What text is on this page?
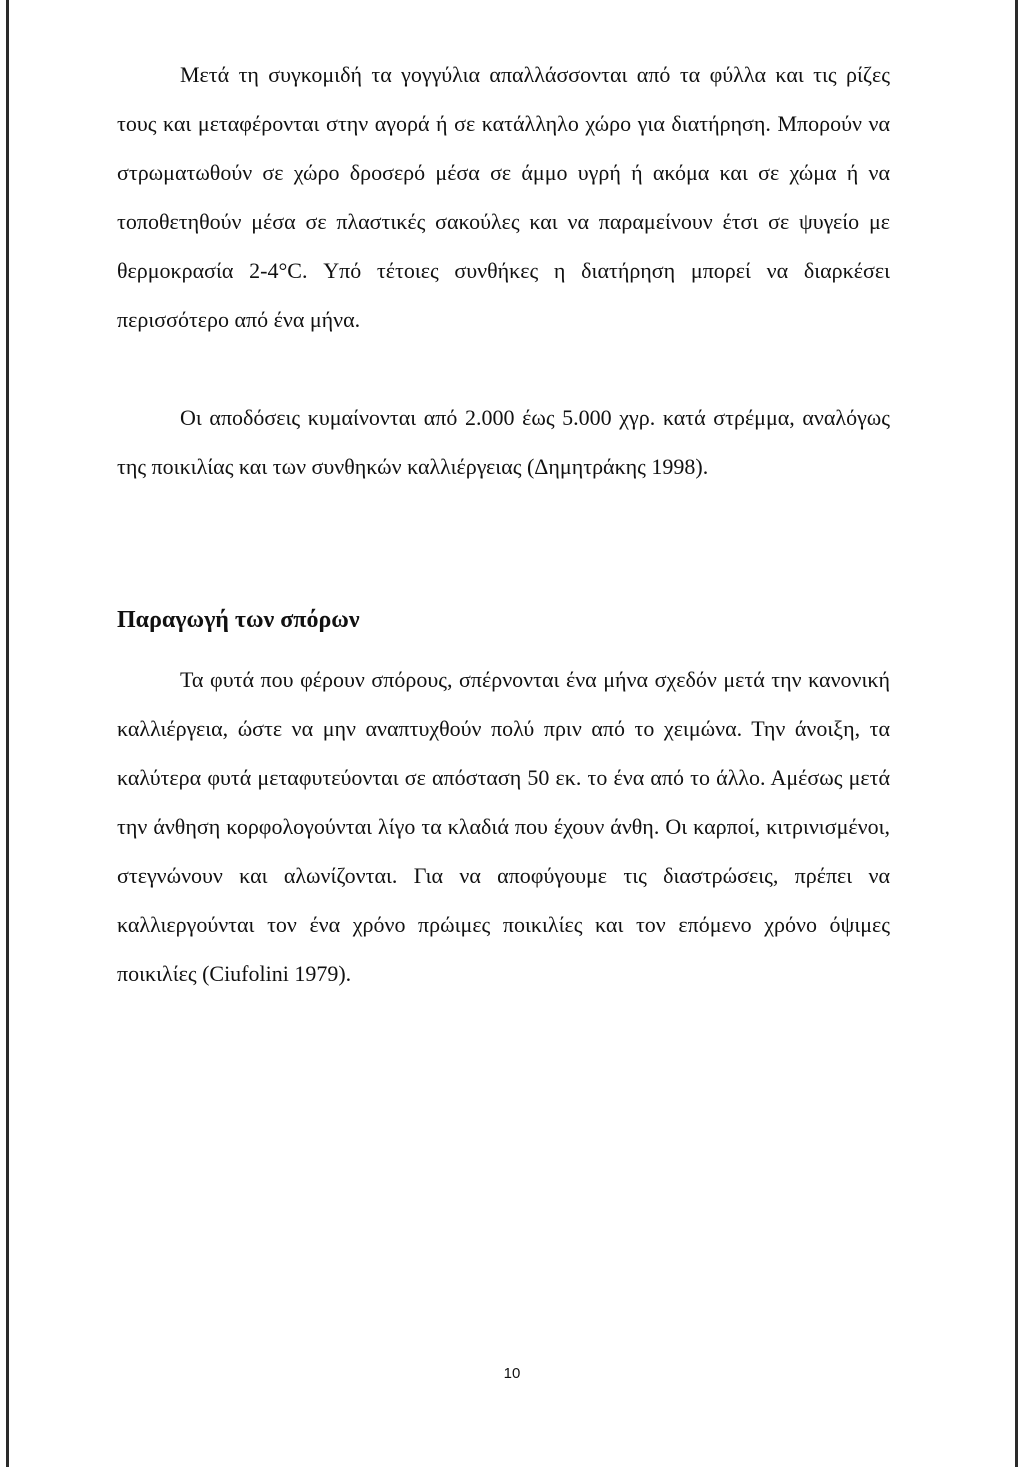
Μετά τη συγκομιδή τα γογγύλια απαλλάσσονται από τα φύλλα και τις ρίζες τους και μεταφέρονται στην αγορά ή σε κατάλληλο χώρο για διατήρηση. Μπορούν να στρωματωθούν σε χώρο δροσερό μέσα σε άμμο υγρή ή ακόμα και σε χώμα ή να τοποθετηθούν μέσα σε πλαστικές σακούλες και να παραμείνουν έτσι σε ψυγείο με θερμοκρασία 2-4°C. Υπό τέτοιες συνθήκες η διατήρηση μπορεί να διαρκέσει περισσότερο από ένα μήνα.

Οι αποδόσεις κυμαίνονται από 2.000 έως 5.000 χγρ. κατά στρέμμα, αναλόγως της ποικιλίας και των συνθηκών καλλιέργειας (Δημητράκης 1998).

Παραγωγή των σπόρων

Τα φυτά που φέρουν σπόρους, σπέρνονται ένα μήνα σχεδόν μετά την κανονική καλλιέργεια, ώστε να μην αναπτυχθούν πολύ πριν από το χειμώνα. Την άνοιξη, τα καλύτερα φυτά μεταφυτεύονται σε απόσταση 50 εκ. το ένα από το άλλο. Αμέσως μετά την άνθηση κορφολογούνται λίγο τα κλαδιά που έχουν άνθη. Οι καρποί, κιτρινισμένοι, στεγνώνουν και αλωνίζονται. Για να αποφύγουμε τις διαστρώσεις, πρέπει να καλλιεργούνται τον ένα χρόνο πρώιμες ποικιλίες και τον επόμενο χρόνο όψιμες ποικιλίες (Ciufolini 1979).

10
